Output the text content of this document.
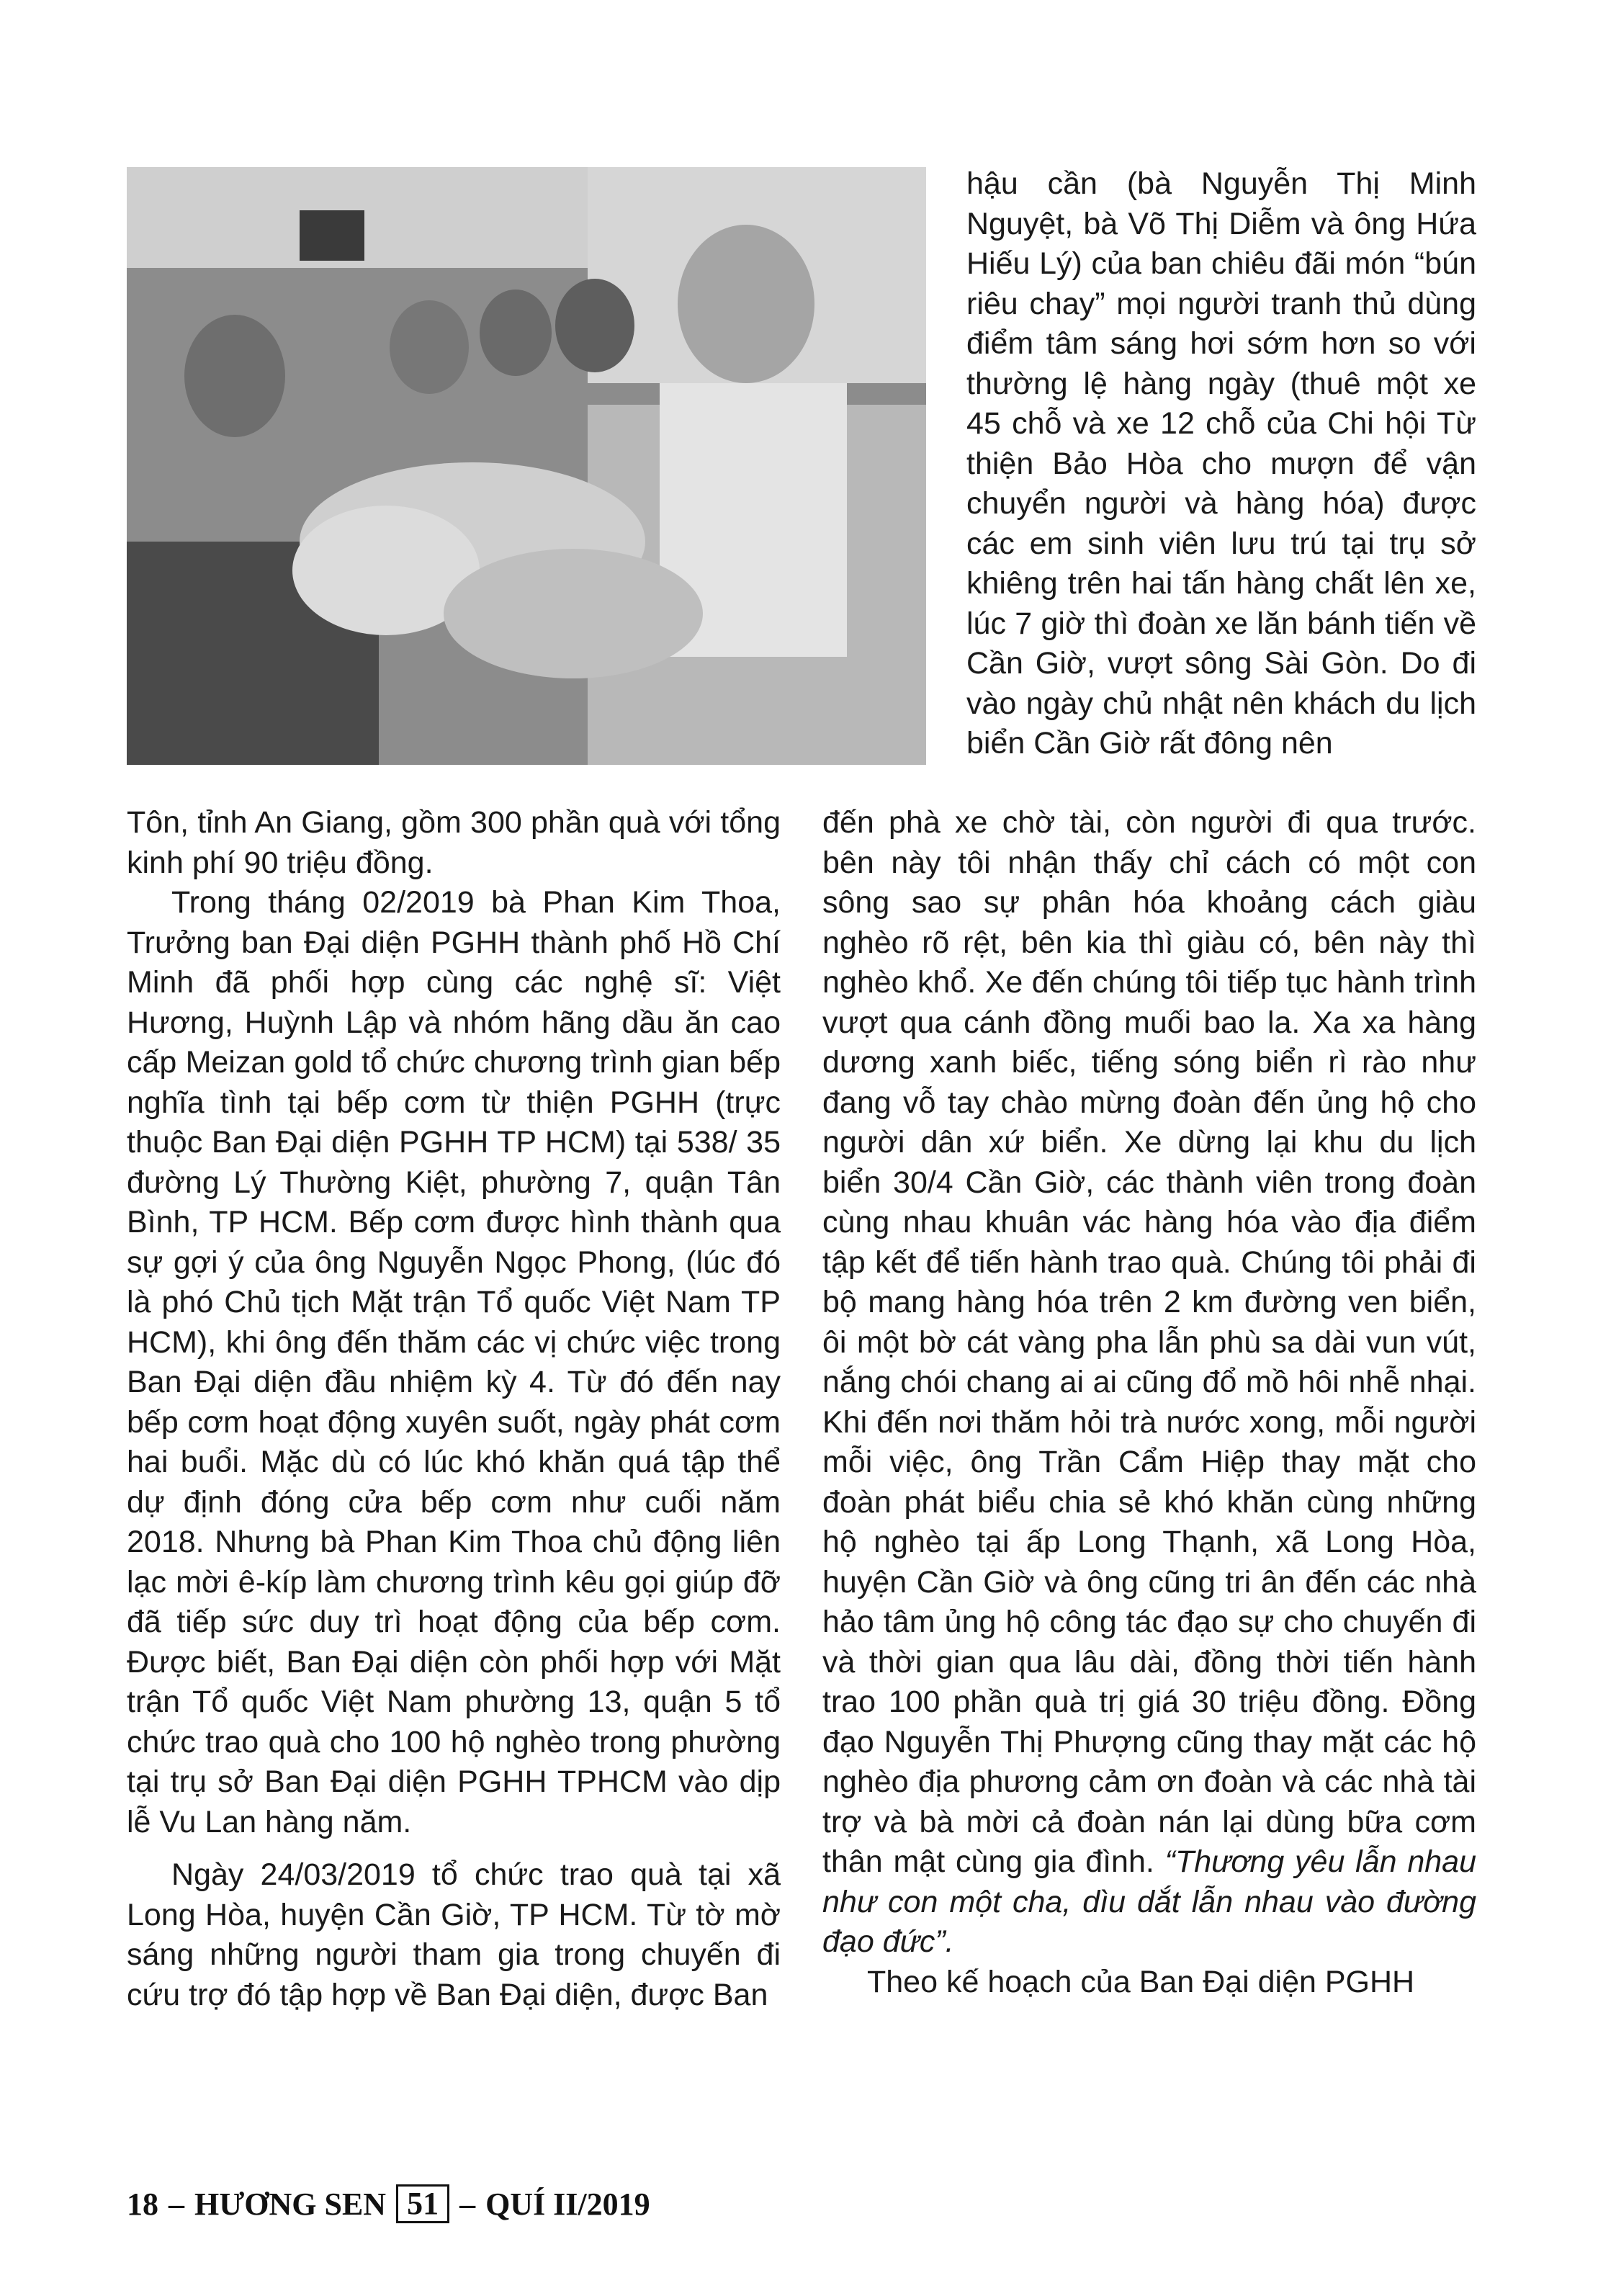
hậu cần (bà Nguyễn Thị Minh Nguyệt, bà Võ Thị Diễm và ông Hứa Hiếu Lý) của ban chiêu đãi món “bún riêu chay” mọi người tranh thủ dùng điểm tâm sáng hơi sớm hơn so với thường lệ hàng ngày (thuê một xe 45 chỗ và xe 12 chỗ của Chi hội Từ thiện Bảo Hòa cho mượn để vận chuyển người và hàng hóa) được các em sinh viên lưu trú tại trụ sở khiêng trên hai tấn hàng chất lên xe, lúc 7 giờ thì đoàn xe lăn bánh tiến về Cần Giờ, vượt sông Sài Gòn. Do đi vào ngày chủ nhật nên khách du lịch biển Cần Giờ rất đông nên

đến phà xe chờ tài, còn người đi qua trước. bên này tôi nhận thấy chỉ cách có một con sông sao sự phân hóa khoảng cách giàu nghèo rõ rệt, bên kia thì giàu có, bên này thì nghèo khổ. Xe đến chúng tôi tiếp tục hành trình vượt qua cánh đồng muối bao la. Xa xa hàng dương xanh biếc, tiếng sóng biển rì rào như đang vỗ tay chào mừng đoàn đến ủng hộ cho người dân xứ biển. Xe dừng lại khu du lịch biển 30/4 Cần Giờ, các thành viên trong đoàn cùng nhau khuân vác hàng hóa vào địa điểm tập kết để tiến hành trao quà. Chúng tôi phải đi bộ mang hàng hóa trên 2 km đường ven biển, ôi một bờ cát vàng pha lẫn phù sa dài vun vút, nắng chói chang ai ai cũng đổ mồ hôi nhễ nhại. Khi đến nơi thăm hỏi trà nước xong, mỗi người mỗi việc, ông Trần Cẩm Hiệp thay mặt cho đoàn phát biểu chia sẻ khó khăn cùng những hộ nghèo tại ấp Long Thạnh, xã Long Hòa, huyện Cần Giờ và ông cũng tri ân đến các nhà hảo tâm ủng hộ công tác đạo sự cho chuyến đi và thời gian qua lâu dài, đồng thời tiến hành trao 100 phần quà trị giá 30 triệu đồng. Đồng đạo Nguyễn Thị Phượng cũng thay mặt các hộ nghèo địa phương cảm ơn đoàn và các nhà tài trợ và bà mời cả đoàn nán lại dùng bữa cơm thân mật cùng gia đình. “Thương yêu lẫn nhau như con một cha, dìu dắt lẫn nhau vào đường đạo đức”.

Theo kế hoạch của Ban Đại diện PGHH

Tôn, tỉnh An Giang, gồm 300 phần quà với tổng kinh phí 90 triệu đồng.

Trong tháng 02/2019 bà Phan Kim Thoa, Trưởng ban Đại diện PGHH thành phố Hồ Chí Minh đã phối hợp cùng các nghệ sĩ: Việt Hương, Huỳnh Lập và nhóm hãng dầu ăn cao cấp Meizan gold tổ chức chương trình gian bếp nghĩa tình tại bếp cơm từ thiện PGHH (trực thuộc Ban Đại diện PGHH TP HCM) tại 538/ 35 đường Lý Thường Kiệt, phường 7, quận Tân Bình, TP HCM. Bếp cơm được hình thành qua sự gợi ý của ông Nguyễn Ngọc Phong, (lúc đó là phó Chủ tịch Mặt trận Tổ quốc Việt Nam TP HCM), khi ông đến thăm các vị chức việc trong Ban Đại diện đầu nhiệm kỳ 4. Từ đó đến nay bếp cơm hoạt động xuyên suốt, ngày phát cơm hai buổi. Mặc dù có lúc khó khăn quá tập thể dự định đóng cửa bếp cơm như cuối năm 2018. Nhưng bà Phan Kim Thoa chủ động liên lạc mời ê-kíp làm chương trình kêu gọi giúp đỡ đã tiếp sức duy trì hoạt động của bếp cơm. Được biết, Ban Đại diện còn phối hợp với Mặt trận Tổ quốc Việt Nam phường 13, quận 5 tổ chức trao quà cho 100 hộ nghèo trong phường tại trụ sở Ban Đại diện PGHH TPHCM vào dịp lễ Vu Lan hàng năm.

Ngày 24/03/2019 tổ chức trao quà tại xã Long Hòa, huyện Cần Giờ, TP HCM. Từ tờ mờ sáng những người tham gia trong chuyến đi cứu trợ đó tập hợp về Ban Đại diện, được Ban

18 – HƯƠNG SEN 51 – QUÍ II/2019
